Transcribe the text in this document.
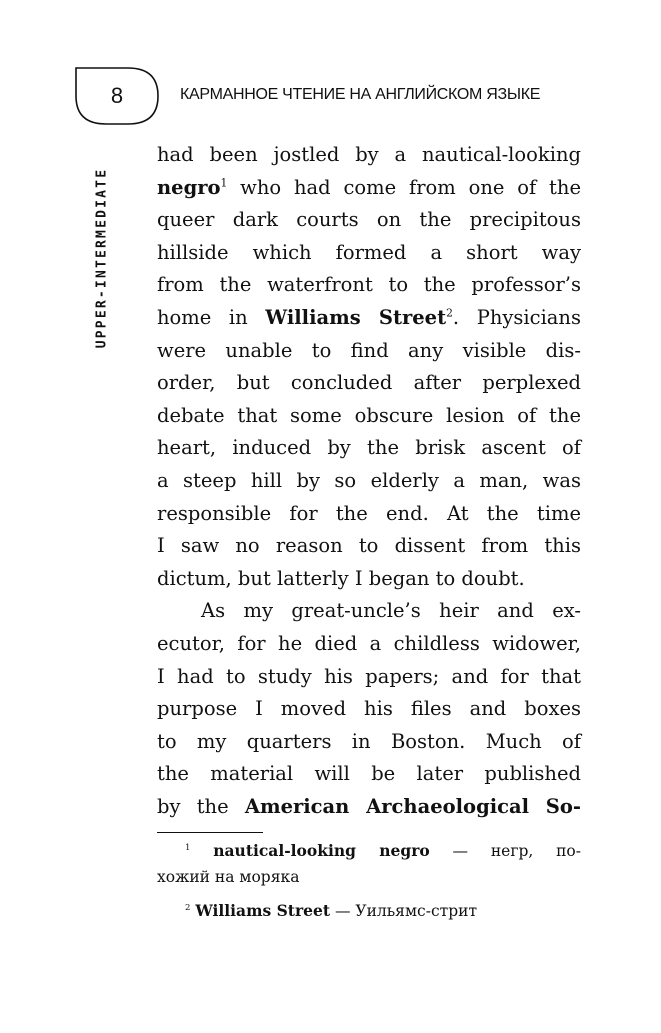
8	КАРМАННОЕ ЧТЕНИЕ НА АНГЛИЙСКОМ ЯЗЫКЕ
UPPER-INTERMEDIATE
had been jostled by a nautical-looking
negro$^1$ who had come from one of the
queer dark courts on the precipitous
hillside which formed a short way
from the waterfront to the professor’s
home in Williams Street$^2$. Physicians
were unable to find any visible dis-
order, but concluded after perplexed
debate that some obscure lesion of the
heart, induced by the brisk ascent of
a steep hill by so elderly a man, was
responsible for the end. At the time
I saw no reason to dissent from this
dictum, but latterly I began to doubt.
As my great-uncle’s heir and ex-
ecutor, for he died a childless widower,
I had to study his papers; and for that
purpose I moved his files and boxes
to my quarters in Boston. Much of
the material will be later published
by the American Archaeological So-
$^1$ nautical-looking negro — негр, по-
хожий на моряка
$^2$ Williams Street — Уильямс-стрит
